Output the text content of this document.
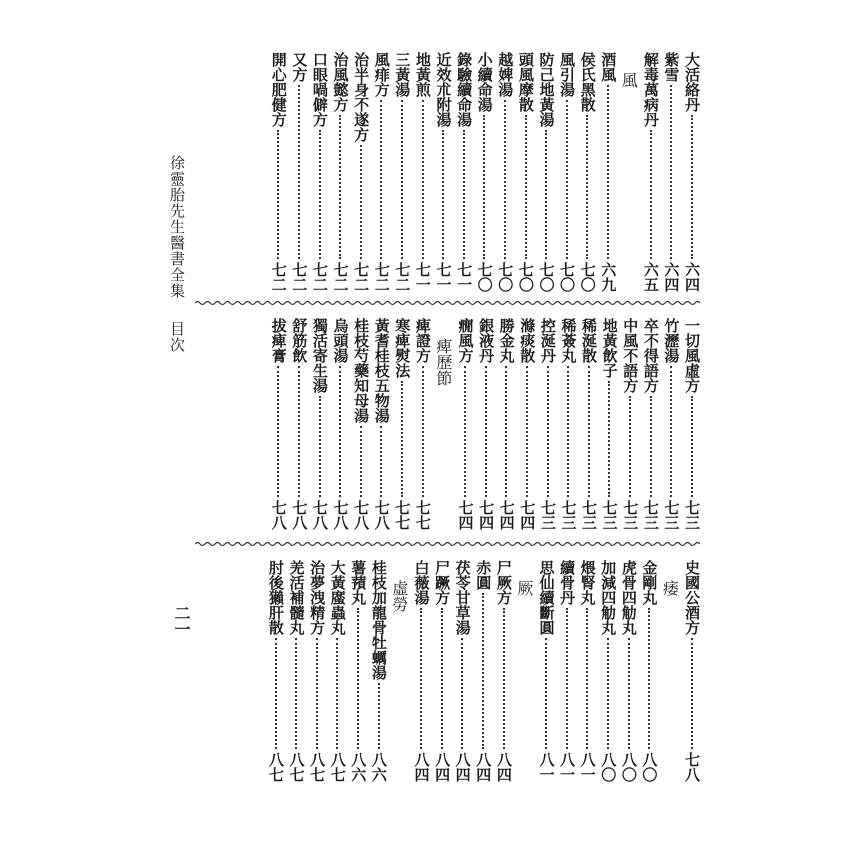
徐靈胎先生醫書全集目次
二一
大活絡丹
六四
紫雪
六四
解毒萬病丹
六五
風
酒風
六九
侯氏黑散
七〇
風引湯
七〇
防己地黃湯
七〇
頭風摩散
七〇
越婢湯
七〇
小續命湯
七〇
錄驗續命湯
七一
近效朮附湯
七一
地黃煎
七一
三黃湯
七二
風痱方
七二
治半身不遂方
七二
治風懿方
七二
口眼喎僻方
七二
又方
七二
開心肥健方
七二
一切風虛方
七三
竹瀝湯
七三
卒不得語方
七三
中風不語方
七三
地黃飲子
七三
稀涎散
七三
稀薟丸
七三
控涎丹
七三
滌痰散
七四
勝金丸
七四
銀液丹
七四
癇風方
七四
痺歷節
痺證方
七七
寒痺熨法
七七
黃耆桂枝五物湯
七八
桂枝芍藥知母湯
七八
烏頭湯
七八
獨活寄生湯
七八
舒筋飲
七八
拔痺膏
七八
史國公酒方
七八
痿
金剛丸
八〇
虎骨四觔丸
八〇
加減四觔丸
八〇
煨腎丸
八一
續骨丹
八一
思仙續斷圓
八一
厥
尸厥方
八四
赤圓
八四
茯苓甘草湯
八四
尸蹶方
八四
白薇湯
八四
虛勞
桂枝加龍骨牡蠣湯
八六
薯蕷丸
八六
大黃䗪蟲丸
八七
治夢洩精方
八七
羌活補髓丸
八七
肘後獺肝散
八七
